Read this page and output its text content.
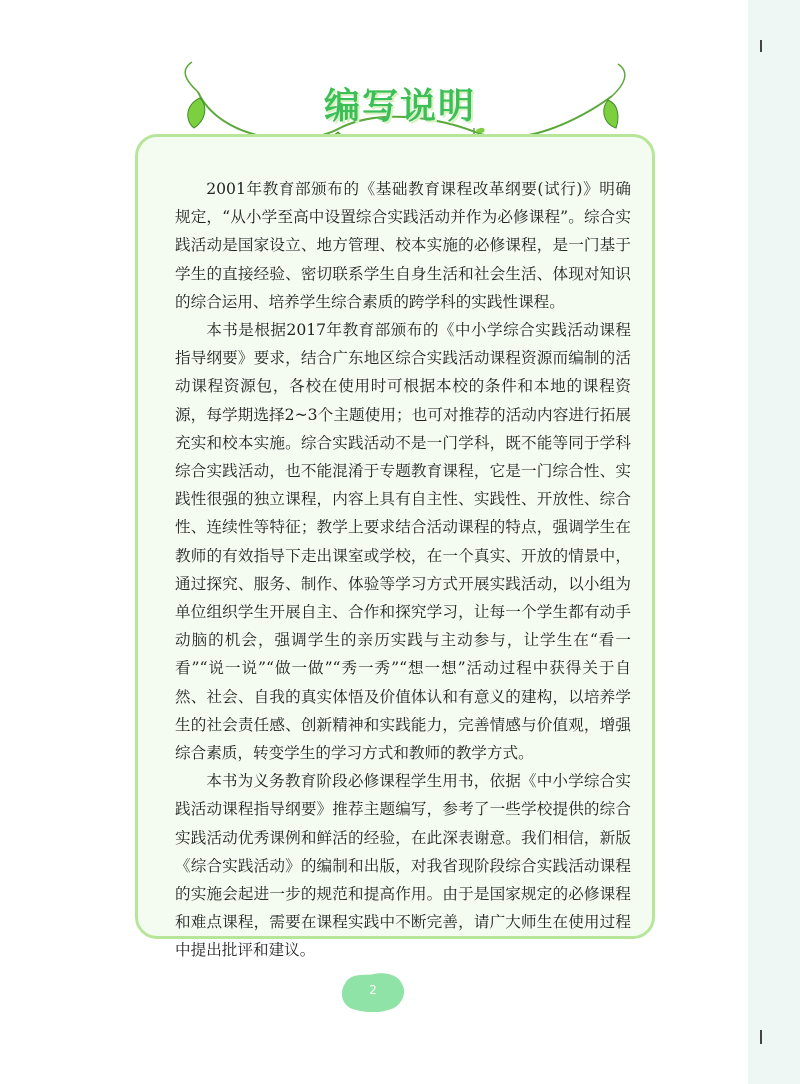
编写说明

2001年教育部颁布的《基础教育课程改革纲要(试行)》明确规定，“从小学至高中设置综合实践活动并作为必修课程”。综合实践活动是国家设立、地方管理、校本实施的必修课程，是一门基于学生的直接经验、密切联系学生自身生活和社会生活、体现对知识的综合运用、培养学生综合素质的跨学科的实践性课程。

本书是根据2017年教育部颁布的《中小学综合实践活动课程指导纲要》要求，结合广东地区综合实践活动课程资源而编制的活动课程资源包，各校在使用时可根据本校的条件和本地的课程资源，每学期选择2~3个主题使用；也可对推荐的活动内容进行拓展充实和校本实施。综合实践活动不是一门学科，既不能等同于学科综合实践活动，也不能混淆于专题教育课程，它是一门综合性、实践性很强的独立课程，内容上具有自主性、实践性、开放性、综合性、连续性等特征；教学上要求结合活动课程的特点，强调学生在教师的有效指导下走出课室或学校，在一个真实、开放的情景中，通过探究、服务、制作、体验等学习方式开展实践活动，以小组为单位组织学生开展自主、合作和探究学习，让每一个学生都有动手动脑的机会，强调学生的亲历实践与主动参与，让学生在“看一看”“说一说”“做一做”“秀一秀”“想一想”活动过程中获得关于自然、社会、自我的真实体悟及价值体认和有意义的建构，以培养学生的社会责任感、创新精神和实践能力，完善情感与价值观，增强综合素质，转变学生的学习方式和教师的教学方式。

本书为义务教育阶段必修课程学生用书，依据《中小学综合实践活动课程指导纲要》推荐主题编写，参考了一些学校提供的综合实践活动优秀课例和鲜活的经验，在此深表谢意。我们相信，新版《综合实践活动》的编制和出版，对我省现阶段综合实践活动课程的实施会起进一步的规范和提高作用。由于是国家规定的必修课程和难点课程，需要在课程实践中不断完善，请广大师生在使用过程中提出批评和建议。

2
